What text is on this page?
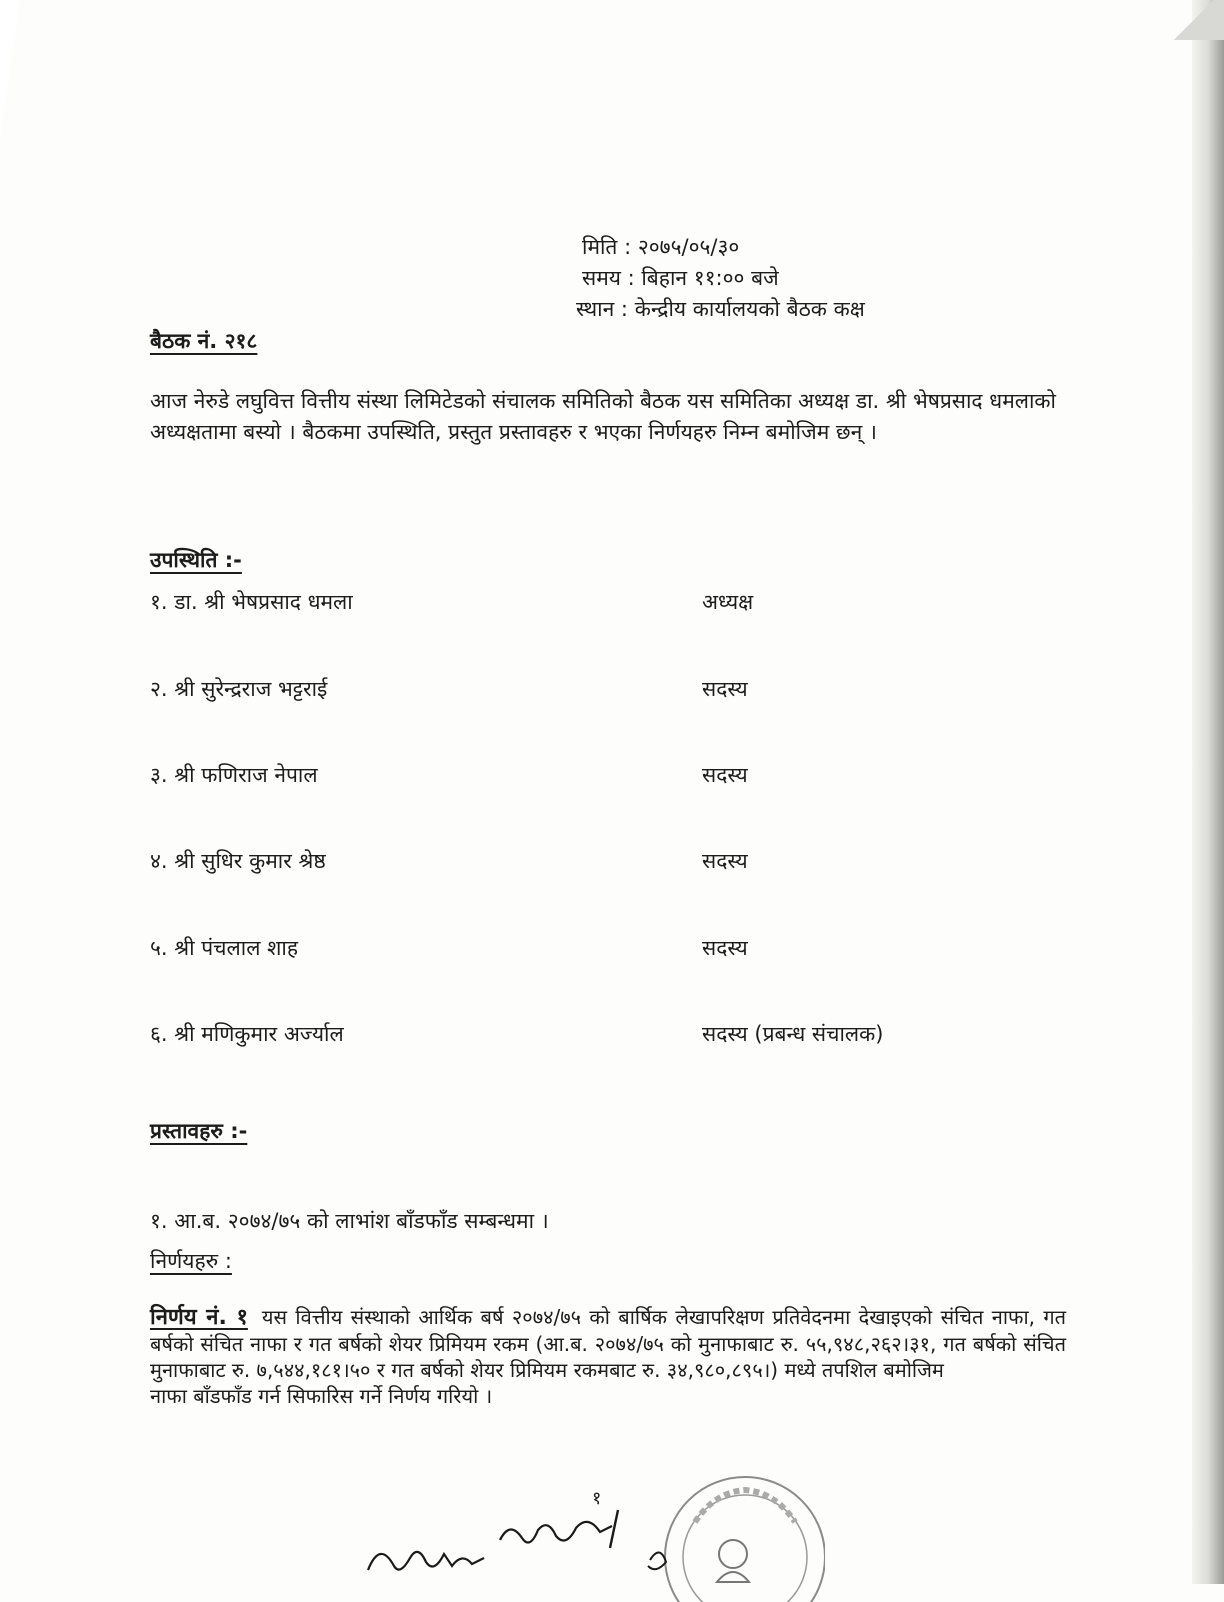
मिति : २०७५/०५/३०
समय : बिहान ११:०० बजे
स्थान : केन्द्रीय कार्यालयको बैठक कक्ष
बैठक नं. २१८
आज नेरुडे लघुवित्त वित्तीय संस्था लिमिटेडको संचालक समितिको बैठक यस समितिका अध्यक्ष डा. श्री भेषप्रसाद धमलाको अध्यक्षतामा बस्यो । बैठकमा उपस्थिति, प्रस्तुत प्रस्तावहरु र भएका निर्णयहरु निम्न बमोजिम छन् ।
उपस्थिति :-
१. डा. श्री भेषप्रसाद धमला	अध्यक्ष
२. श्री सुरेन्द्रराज भट्टराई	सदस्य
३. श्री फणिराज नेपाल	सदस्य
४. श्री सुधिर कुमार श्रेष्ठ	सदस्य
५. श्री पंचलाल शाह	सदस्य
६. श्री मणिकुमार अर्ज्याल	सदस्य (प्रबन्ध संचालक)
प्रस्तावहरु :-
१. आ.ब. २०७४/७५ को लाभांश बाँडफाँड सम्बन्धमा ।
निर्णयहरु :
निर्णय नं. १ यस वित्तीय संस्थाको आर्थिक बर्ष २०७४/७५ को बार्षिक लेखापरिक्षण प्रतिवेदनमा देखाइएको संचित नाफा, गत बर्षको संचित नाफा र गत बर्षको शेयर प्रिमियम रकम (आ.ब. २०७४/७५ को मुनाफाबाट रु. ५५,९४८,२६२।३१, गत बर्षको संचित मुनाफाबाट रु. ७,५४४,१८१।५० र गत बर्षको शेयर प्रिमियम रकमबाट रु. ३४,९८०,८९५।) मध्ये तपशिल बमोजिम
नाफा बाँडफाँड गर्न सिफारिस गर्ने निर्णय गरियो ।
१
